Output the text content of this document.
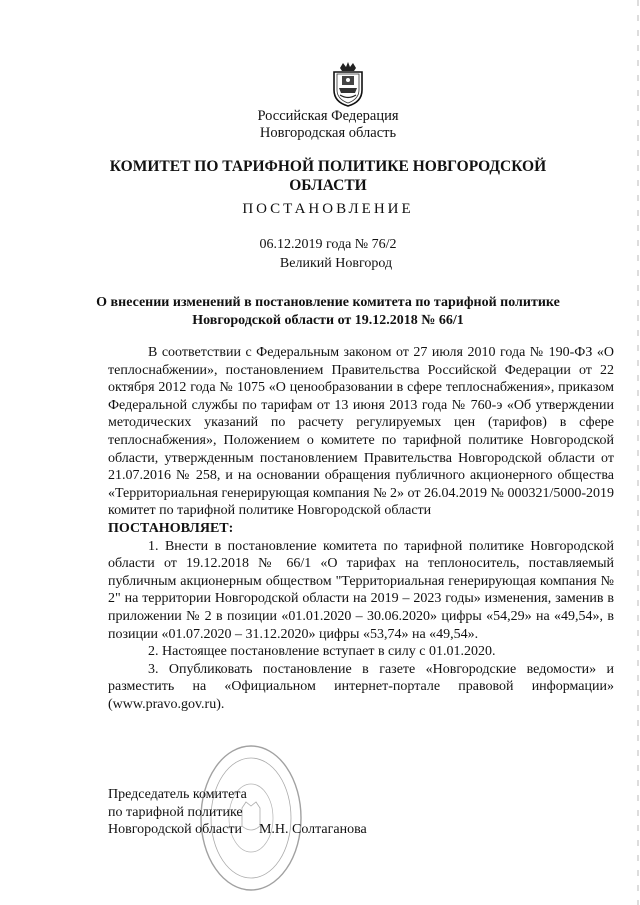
Российская Федерация
Новгородская область
КОМИТЕТ ПО ТАРИФНОЙ ПОЛИТИКЕ НОВГОРОДСКОЙ
ОБЛАСТИ
ПОСТАНОВЛЕНИЕ
06.12.2019 года № 76/2
Великий Новгород
О внесении изменений в постановление комитета по тарифной политике
Новгородской области от 19.12.2018 № 66/1

В соответствии с Федеральным законом от 27 июля 2010 года № 190-ФЗ «О теплоснабжении», постановлением Правительства Российской Федерации от 22 октября 2012 года № 1075 «О ценообразовании в сфере теплоснабжения», приказом Федеральной службы по тарифам от 13 июня 2013 года № 760-э «Об утверждении методических указаний по расчету регулируемых цен (тарифов) в сфере теплоснабжения», Положением о комитете по тарифной политике Новгородской области, утвержденным постановлением Правительства Новгородской области от 21.07.2016 № 258, и на основании обращения публичного акционерного общества «Территориальная генерирующая компания № 2» от 26.04.2019 № 000321/5000-2019 комитет по тарифной политике Новгородской области

ПОСТАНОВЛЯЕТ:

1. Внести в постановление комитета по тарифной политике Новгородской области от 19.12.2018 № 66/1 «О тарифах на теплоноситель, поставляемый публичным акционерным обществом "Территориальная генерирующая компания № 2" на территории Новгородской области на 2019 – 2023 годы» изменения, заменив в приложении № 2 в позиции «01.01.2020 – 30.06.2020» цифры «54,29» на «49,54», в позиции «01.07.2020 – 31.12.2020» цифры «53,74» на «49,54».

2. Настоящее постановление вступает в силу с 01.01.2020.

3. Опубликовать постановление в газете «Новгородские ведомости» и разместить на «Официальном интернет-портале правовой информации» (www.pravo.gov.ru).

Председатель комитета
по тарифной политике
Новгородской области М.Н. Солтаганова
